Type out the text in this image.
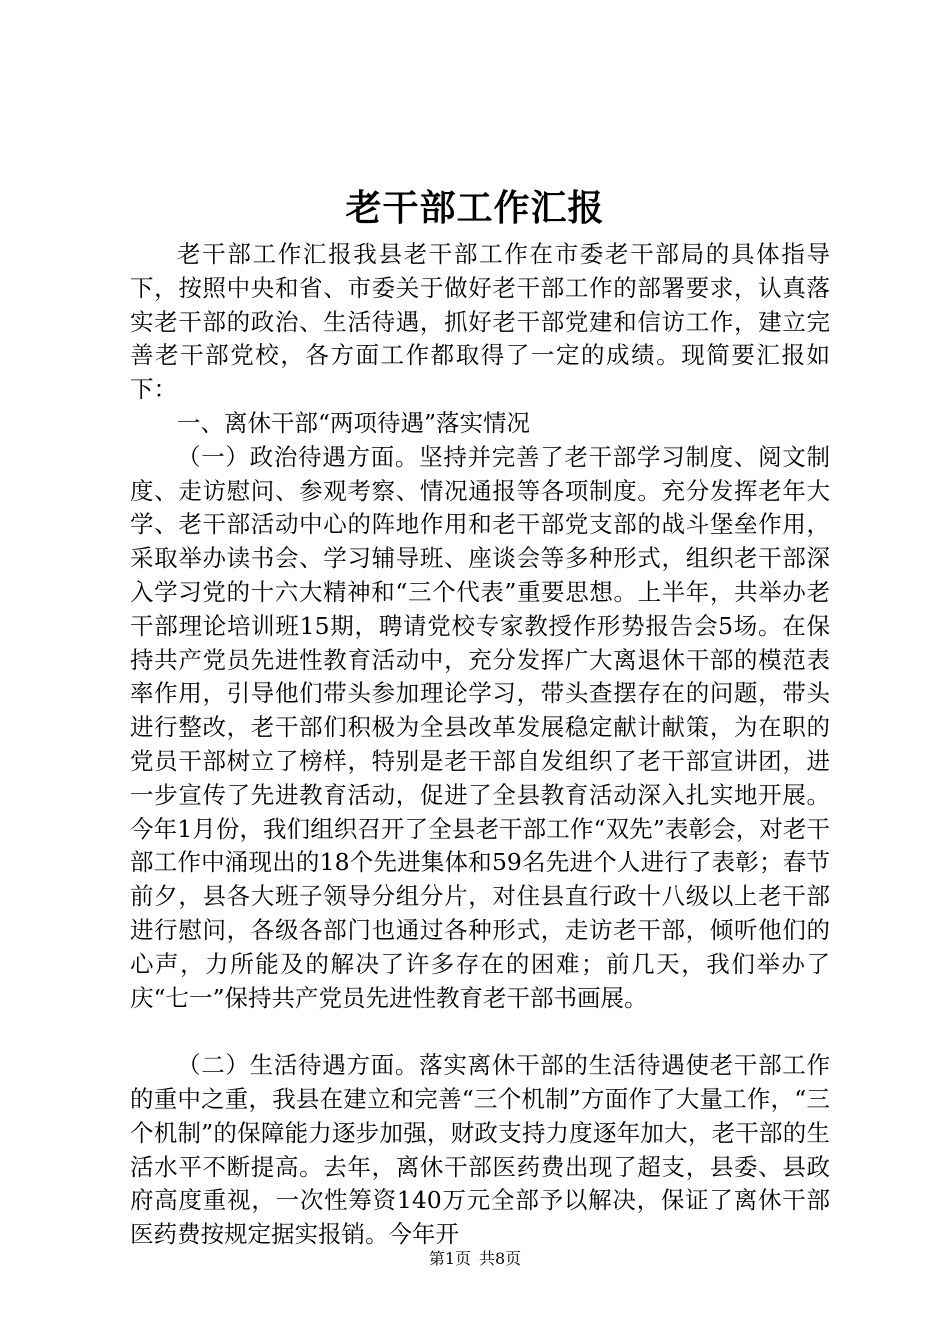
老干部工作汇报

老干部工作汇报我县老干部工作在市委老干部局的具体指导下，按照中央和省、市委关于做好老干部工作的部署要求，认真落实老干部的政治、生活待遇，抓好老干部党建和信访工作，建立完善老干部党校，各方面工作都取得了一定的成绩。现简要汇报如下：

一、离休干部“两项待遇”落实情况

（一）政治待遇方面。坚持并完善了老干部学习制度、阅文制度、走访慰问、参观考察、情况通报等各项制度。充分发挥老年大学、老干部活动中心的阵地作用和老干部党支部的战斗堡垒作用，采取举办读书会、学习辅导班、座谈会等多种形式，组织老干部深入学习党的十六大精神和“三个代表”重要思想。上半年，共举办老干部理论培训班15期，聘请党校专家教授作形势报告会5场。在保持共产党员先进性教育活动中，充分发挥广大离退休干部的模范表率作用，引导他们带头参加理论学习，带头查摆存在的问题，带头进行整改，老干部们积极为全县改革发展稳定献计献策，为在职的党员干部树立了榜样，特别是老干部自发组织了老干部宣讲团，进一步宣传了先进教育活动，促进了全县教育活动深入扎实地开展。今年1月份，我们组织召开了全县老干部工作“双先”表彰会，对老干部工作中涌现出的18个先进集体和59名先进个人进行了表彰；春节前夕，县各大班子领导分组分片，对住县直行政十八级以上老干部进行慰问，各级各部门也通过各种形式，走访老干部，倾听他们的心声，力所能及的解决了许多存在的困难；前几天，我们举办了庆“七一”保持共产党员先进性教育老干部书画展。

（二）生活待遇方面。落实离休干部的生活待遇使老干部工作的重中之重，我县在建立和完善“三个机制”方面作了大量工作，“三个机制”的保障能力逐步加强，财政支持力度逐年加大，老干部的生活水平不断提高。去年，离休干部医药费出现了超支，县委、县政府高度重视，一次性筹资140万元全部予以解决，保证了离休干部医药费按规定据实报销。今年开

第1页 共8页
